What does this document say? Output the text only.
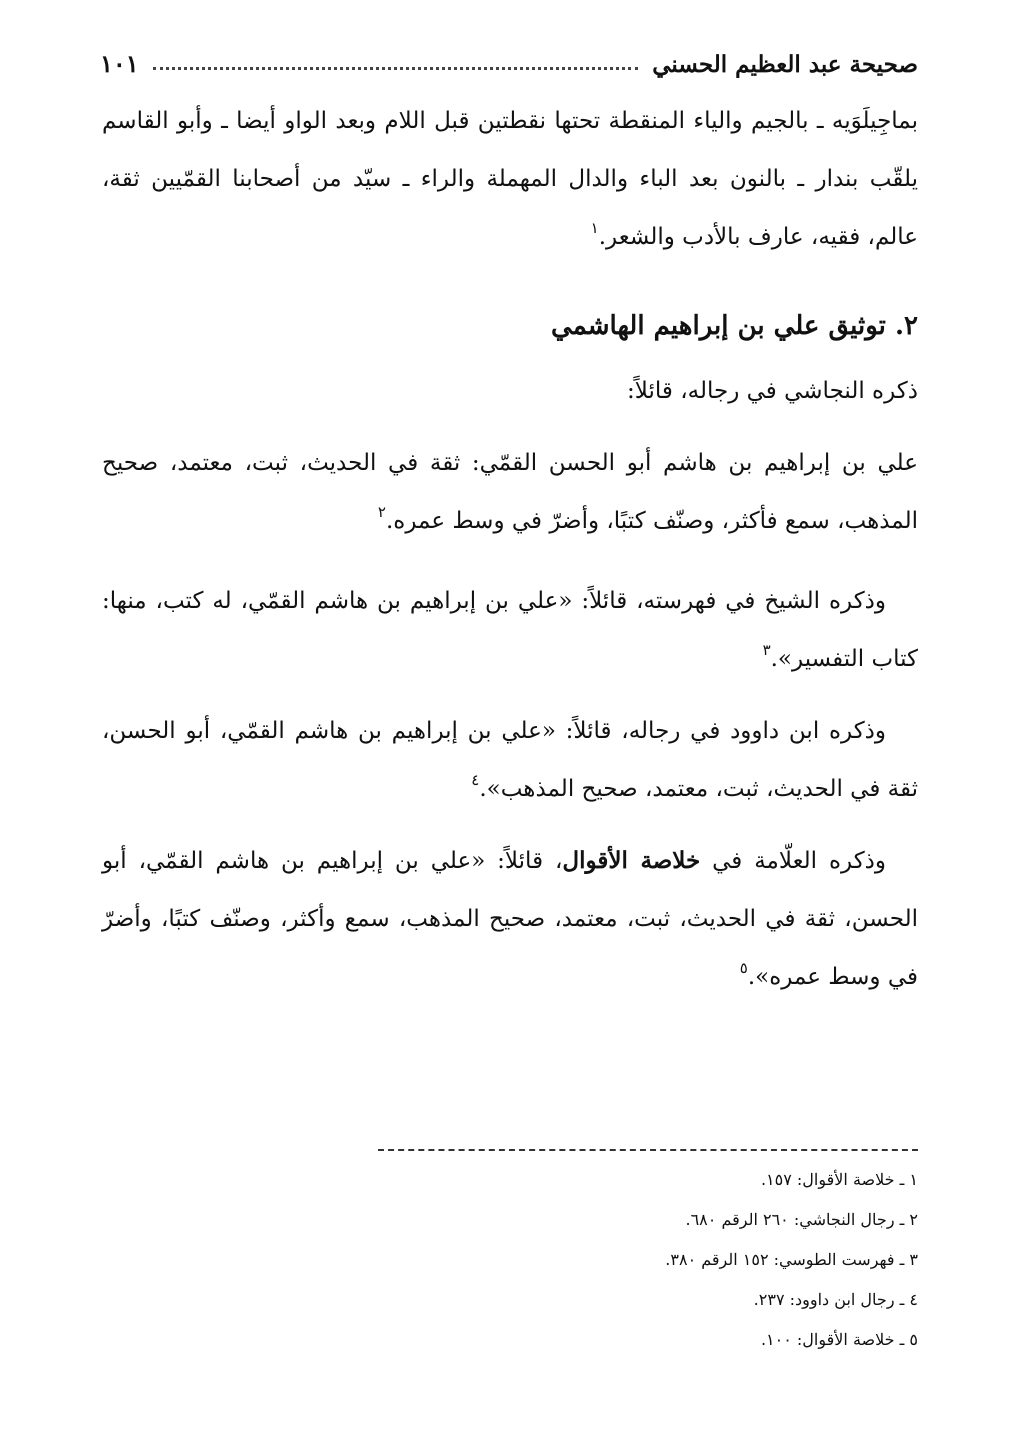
صحيحة عبد العظيم الحسني
١٠١

بماجِيلَوَيه ـ بالجيم والياء المنقطة تحتها نقطتين قبل اللام وبعد الواو أيضا ـ وأبو القاسم يلقّب بندار ـ بالنون بعد الباء والدال المهملة والراء ـ سيّد من أصحابنا القمّيين ثقة، عالم، فقيه، عارف بالأدب والشعر.$^١$

٢. توثيق علي بن إبراهيم الهاشمي

ذكره النجاشي في رجاله، قائلاً:

علي بن إبراهيم بن هاشم أبو الحسن القمّي: ثقة في الحديث، ثبت، معتمد، صحيح المذهب، سمع فأكثر، وصنّف كتبًا، وأضرّ في وسط عمره.$^٢$

وذكره الشيخ في فهرسته، قائلاً: «علي بن إبراهيم بن هاشم القمّي، له كتب، منها: كتاب التفسير».$^٣$

وذكره ابن داوود في رجاله، قائلاً: «علي بن إبراهيم بن هاشم القمّي، أبو الحسن، ثقة في الحديث، ثبت، معتمد، صحيح المذهب».$^٤$

وذكره العلّامة في خلاصة الأقوال، قائلاً: «علي بن إبراهيم بن هاشم القمّي، أبو الحسن، ثقة في الحديث، ثبت، معتمد، صحيح المذهب، سمع وأكثر، وصنّف كتبًا، وأضرّ في وسط عمره».$^٥$

١ ـ خلاصة الأقوال: ١٥٧.
٢ ـ رجال النجاشي: ٢٦٠ الرقم ٦٨٠.
٣ ـ فهرست الطوسي: ١٥٢ الرقم ٣٨٠.
٤ ـ رجال ابن داوود: ٢٣٧.
٥ ـ خلاصة الأقوال: ١٠٠.
